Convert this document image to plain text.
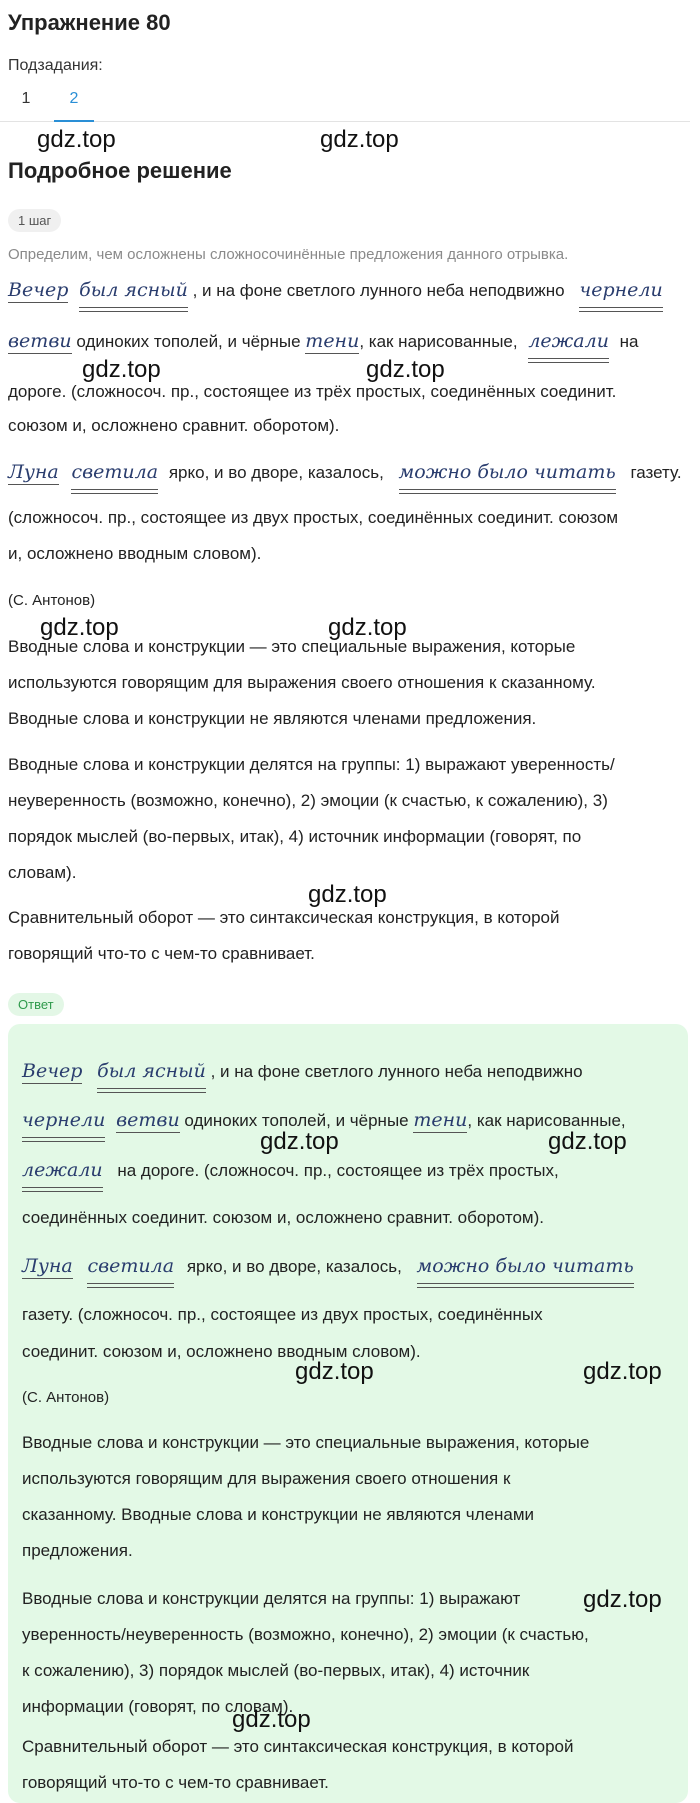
Упражнение 80
Подзадания:
1	2
gdz.top	gdz.top
Подробное решение
1 шаг
Определим, чем осложнены сложносочинённые предложения данного отрывка.
Вечер был ясный , и на фоне светлого лунного неба неподвижно чернели
ветви одиноких тополей, и чёрные тени, как нарисованные, лежали на
gdz.top	gdz.top
дороге. (сложносоч. пр., состоящее из трёх простых, соединённых соединит.
союзом и, осложнено сравнит. оборотом).
Луна светила ярко, и во дворе, казалось, можно было читать газету.
(сложносоч. пр., состоящее из двух простых, соединённых соединит. союзом
и, осложнено вводным словом).
(С. Антонов)
gdz.top	gdz.top
Вводные слова и конструкции — это специальные выражения, которые
используются говорящим для выражения своего отношения к сказанному.
Вводные слова и конструкции не являются членами предложения.
Вводные слова и конструкции делятся на группы: 1) выражают уверенность/
неуверенность (возможно, конечно), 2) эмоции (к счастью, к сожалению), 3)
порядок мыслей (во-первых, итак), 4) источник информации (говорят, по
словам).
gdz.top
Сравнительный оборот — это синтаксическая конструкция, в которой
говорящий что-то с чем-то сравнивает.
Ответ
Вечер был ясный , и на фоне светлого лунного неба неподвижно
чернели ветви одиноких тополей, и чёрные тени, как нарисованные,
gdz.top	gdz.top
лежали на дороге. (сложносоч. пр., состоящее из трёх простых,
соединённых соединит. союзом и, осложнено сравнит. оборотом).
Луна светила ярко, и во дворе, казалось, можно было читать
газету. (сложносоч. пр., состоящее из двух простых, соединённых
соединит. союзом и, осложнено вводным словом).
gdz.top	gdz.top
(С. Антонов)
Вводные слова и конструкции — это специальные выражения, которые
используются говорящим для выражения своего отношения к
сказанному. Вводные слова и конструкции не являются членами
предложения.
Вводные слова и конструкции делятся на группы: 1) выражают	gdz.top
уверенность/неуверенность (возможно, конечно), 2) эмоции (к счастью,
к сожалению), 3) порядок мыслей (во-первых, итак), 4) источник
информации (говорят, по словам).
gdz.top
Сравнительный оборот — это синтаксическая конструкция, в которой
говорящий что-то с чем-то сравнивает.
